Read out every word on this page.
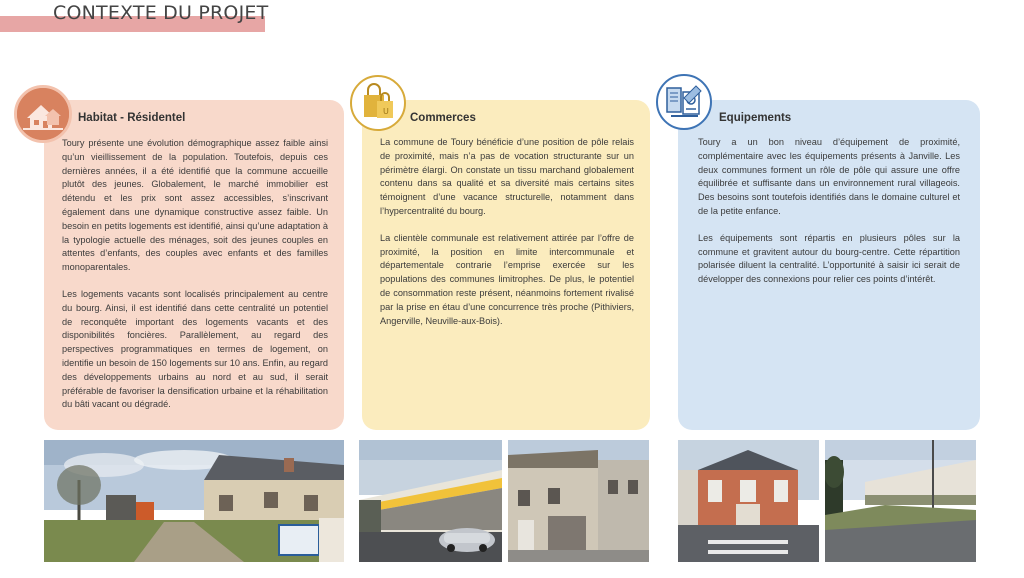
CONTEXTE DU PROJET
Habitat - Résidentel

Toury présente une évolution démographique assez faible ainsi qu’un vieillissement de la population. Toutefois, depuis ces dernières années, il a été identifié que la commune accueille plutôt des jeunes. Globalement, le marché immobilier est détendu et les prix sont assez accessibles, s’inscrivant également dans une dynamique constructive assez faible. Un besoin en petits logements est identifié, ainsi qu’une adaptation à la typologie actuelle des ménages, soit des jeunes couples en attentes d’enfants, des couples avec enfants et des familles monoparentales.

Les logements vacants sont localisés principalement au centre du bourg. Ainsi, il est identifié dans cette centralité un potentiel de reconquête important des logements vacants et des disponibilités foncières. Parallèlement, au regard des perspectives programmatiques en termes de logement, on identifie un besoin de 150 logements sur 10 ans. Enfin, au regard des développements urbains au nord et au sud, il serait préférable de favoriser la densification urbaine et la réhabilitation du bâti vacant ou dégradé.

Commerces

La commune de Toury bénéficie d’une position de pôle relais de proximité, mais n’a pas de vocation structurante sur un périmètre élargi. On constate un tissu marchand globalement contenu dans sa qualité et sa diversité mais certains sites témoignent d’une vacance structurelle, notamment dans l’hypercentralité du bourg.

La clientèle communale est relativement attirée par l’offre de proximité, la position en limite intercommunale et départementale contrarie l’emprise exercée sur les populations des communes limitrophes. De plus, le potentiel de consommation reste présent, néanmoins fortement rivalisé par la prise en étau d’une concurrence très proche (Pithiviers, Angerville, Neuville-aux-Bois).

U
Equipements

Toury a un bon niveau d’équipement de proximité, complémentaire avec les équipements présents à Janville. Les deux communes forment un rôle de pôle qui assure une offre équilibrée et suffisante dans un environnement rural villageois. Des besoins sont toutefois identifiés dans le domaine culturel et de la petite enfance.

Les équipements sont répartis en plusieurs pôles sur la commune et gravitent autour du bourg-centre. Cette répartition polarisée diluent la centralité. L’opportunité à saisir ici serait de développer des connexions pour relier ces points d’intérêt.
